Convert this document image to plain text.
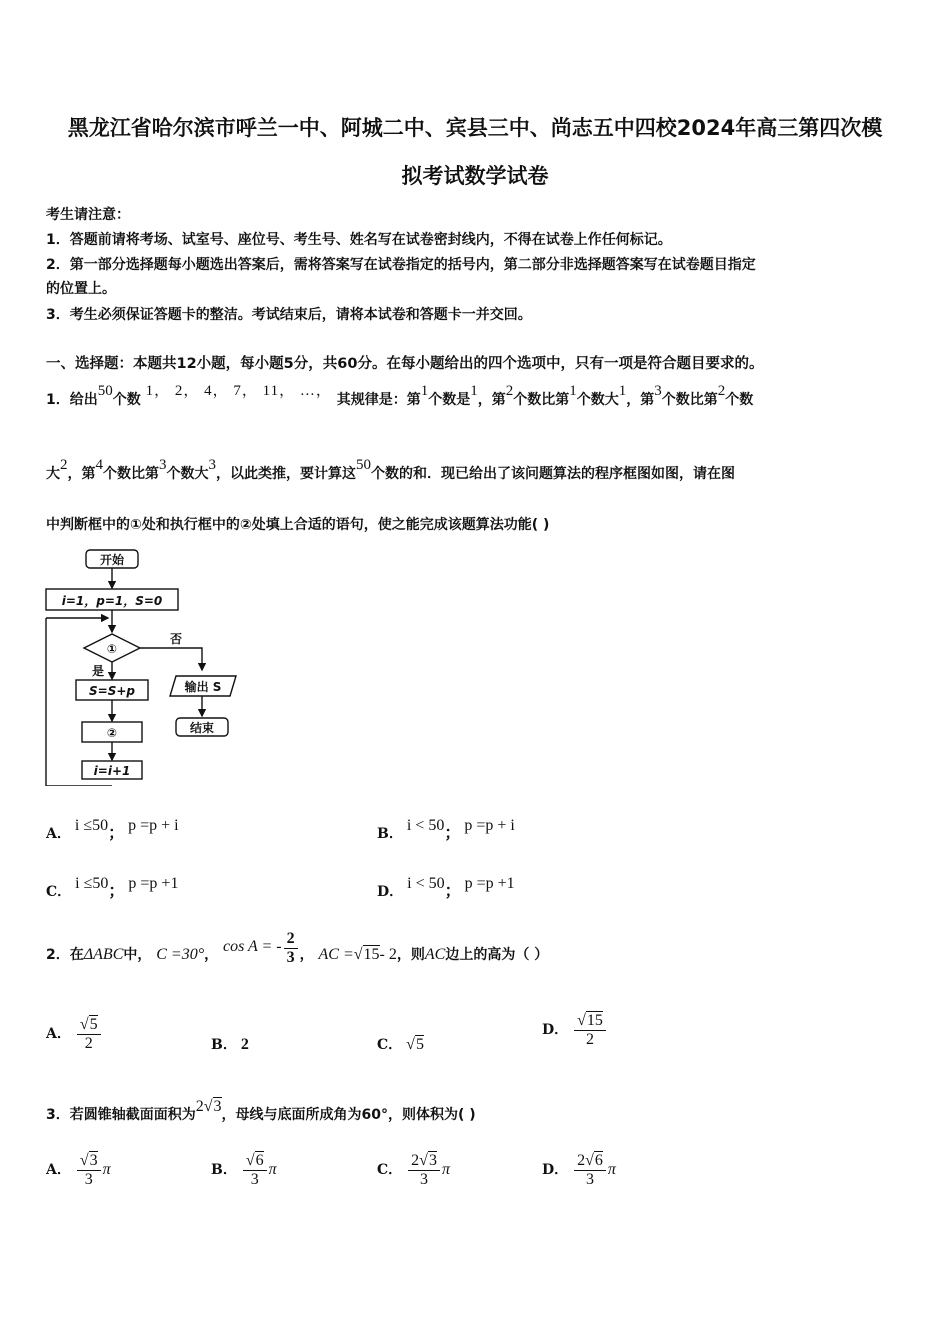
黑龙江省哈尔滨市呼兰一中、阿城二中、宾县三中、尚志五中四校2024年高三第四次模
拟考试数学试卷
考生请注意：
1．答题前请将考场、试室号、座位号、考生号、姓名写在试卷密封线内，不得在试卷上作任何标记。
2．第一部分选择题每小题选出答案后，需将答案写在试卷指定的括号内，第二部分非选择题答案写在试卷题目指定
的位置上。
3．考生必须保证答题卡的整洁。考试结束后，请将本试卷和答题卡一并交回。
一、选择题：本题共12小题，每小题5分，共60分。在每小题给出的四个选项中，只有一项是符合题目要求的。
1．给出50个数 1， 2， 4， 7， 11， …， 其规律是：第1个数是1，第2个数比第1个数大1，第3个数比第2个数
大2，第4个数比第3个数大3，以此类推，要计算这50个数的和．现已给出了该问题算法的程序框图如图，请在图
中判断框中的①处和执行框中的②处填上合适的语句，使之能完成该题算法功能( )
开始
i=1，p=1，S=0
①
否
是
S=S+p	输出 S
结束
②
i=i+1
A． i ≤50； p =p + i	B． i < 50； p =p + i
C． i ≤50； p =p +1	D． i < 50； p =p +1
2．在ΔABC中， C =30°， cos A = - $\frac{2}{3}$ ， AC =√15- 2，则AC边上的高为（ ）
A． $\frac{√5}{2}$	B． 2	C． √5
D． $\frac{√15}{2}$
3．若圆锥轴截面面积为2√3，母线与底面所成角为60°，则体积为( )
A． $\frac{√3}{3}$ π	B． $\frac{√6}{3}$ π	C． $\frac{2√3}{3}$ π	D． $\frac{2√6}{3}$ π
